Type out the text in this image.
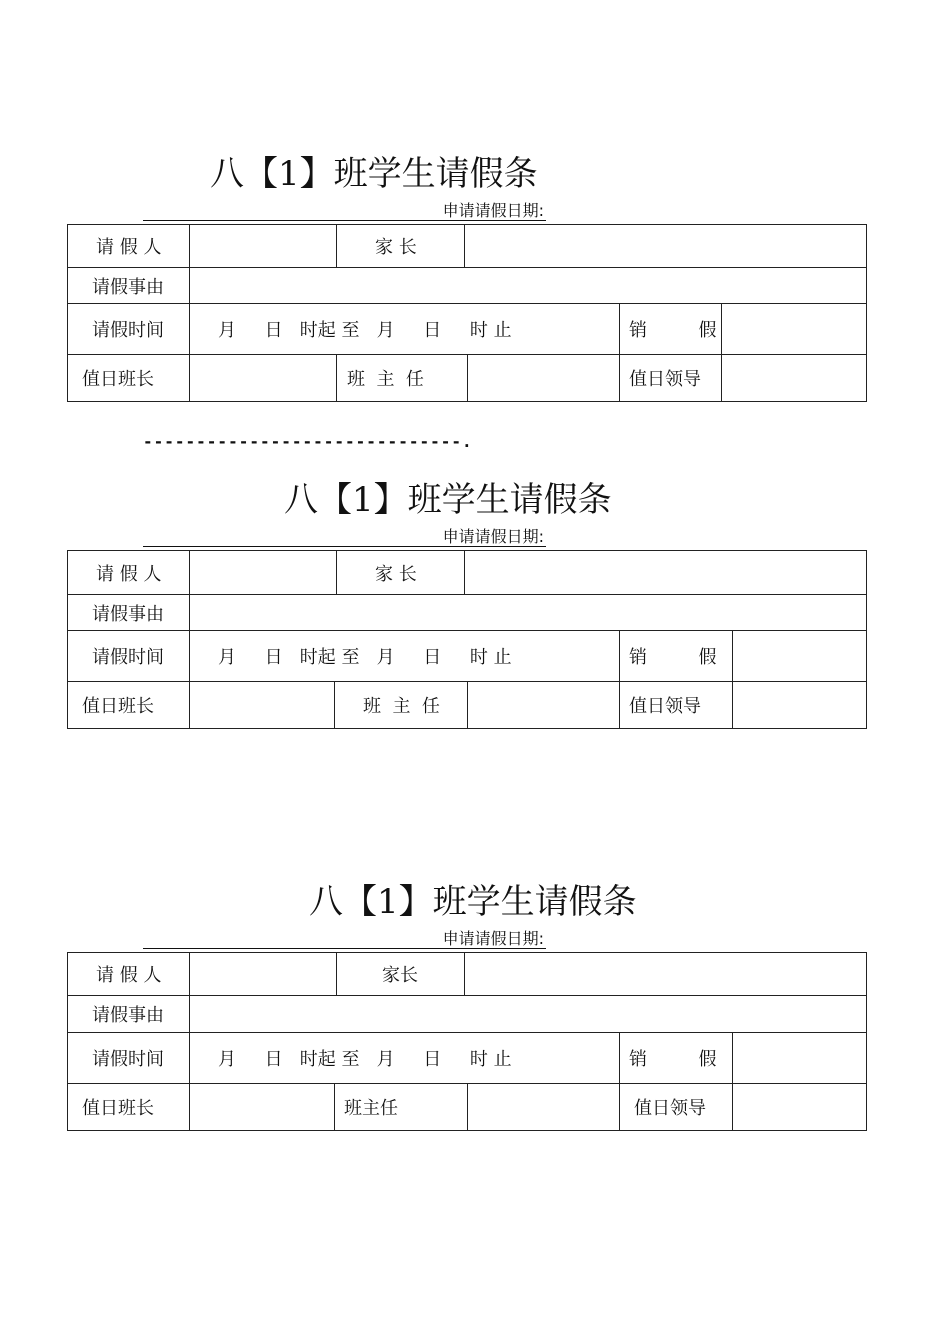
八【1】班学生请假条
申请请假日期:
请 假 人	家 长
请假事由
请假时间	月     日   时起 至   月     日     时 止	销         假
值日班长	班  主  任	值日领导
------------------------------.
八【1】班学生请假条
申请请假日期:
请 假 人	家 长
请假事由
请假时间	月     日   时起 至   月     日     时 止	销         假
值日班长	班  主  任	值日领导
八【1】班学生请假条
申请请假日期:
请 假 人	家长
请假事由
请假时间	月     日   时起 至   月     日     时 止	销         假
值日班长	班主任	值日领导
